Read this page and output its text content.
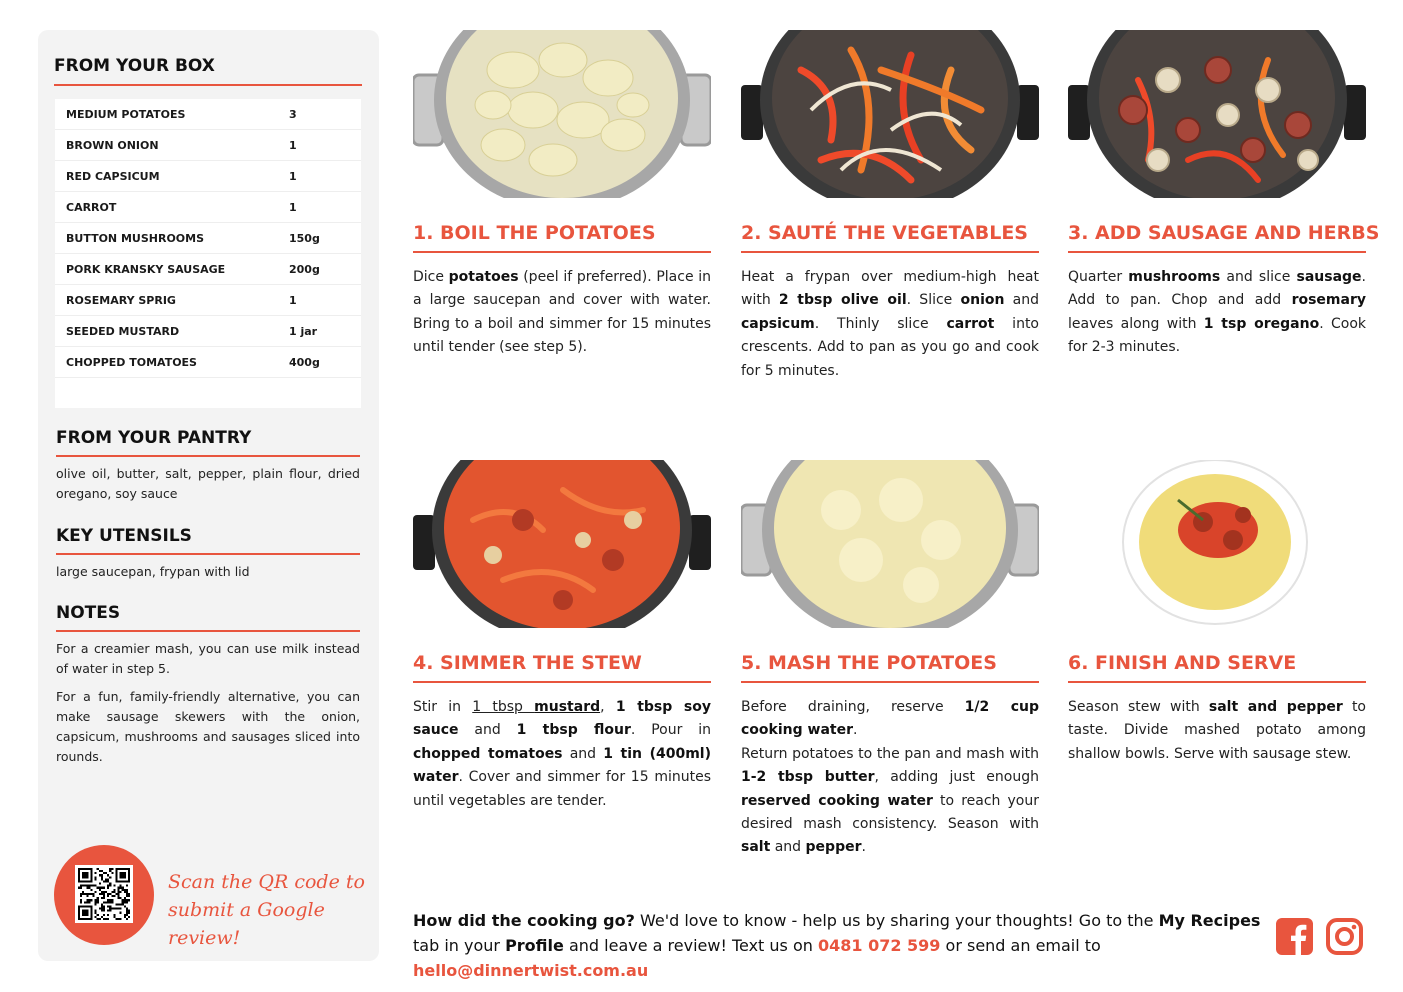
FROM YOUR BOX
MEDIUM POTATOES	3
BROWN ONION	1
RED CAPSICUM	1
CARROT	1
BUTTON MUSHROOMS	150g
PORK KRANSKY SAUSAGE	200g
ROSEMARY SPRIG	1
SEEDED MUSTARD	1 jar
CHOPPED TOMATOES	400g
FROM YOUR PANTRY
olive oil, butter, salt, pepper, plain flour, dried oregano, soy sauce
KEY UTENSILS
large saucepan, frypan with lid
NOTES
For a creamier mash, you can use milk instead of water in step 5.
For a fun, family-friendly alternative, you can make sausage skewers with the onion, capsicum, mushrooms and sausages sliced into rounds.
Scan the QR code to
submit a Google review!
1. BOIL THE POTATOES
Dice potatoes (peel if preferred). Place in a large saucepan and cover with water. Bring to a boil and simmer for 15 minutes until tender (see step 5).
2. SAUTÉ THE VEGETABLES
Heat a frypan over medium-high heat with 2 tbsp olive oil. Slice onion and capsicum. Thinly slice carrot into crescents. Add to pan as you go and cook for 5 minutes.
3. ADD SAUSAGE AND HERBS
Quarter mushrooms and slice sausage. Add to pan. Chop and add rosemary leaves along with 1 tsp oregano. Cook for 2-3 minutes.
4. SIMMER THE STEW
Stir in 1 tbsp mustard, 1 tbsp soy sauce and 1 tbsp flour. Pour in chopped tomatoes and 1 tin (400ml) water. Cover and simmer for 15 minutes until vegetables are tender.
5. MASH THE POTATOES
Before draining, reserve 1/2 cup cooking water.
Return potatoes to the pan and mash with 1-2 tbsp butter, adding just enough reserved cooking water to reach your desired mash consistency. Season with salt and pepper.
6. FINISH AND SERVE
Season stew with salt and pepper to taste. Divide mashed potato among shallow bowls. Serve with sausage stew.
How did the cooking go? We'd love to know - help us by sharing your thoughts! Go to the My Recipes tab in your Profile and leave a review! Text us on 0481 072 599 or send an email to hello@dinnertwist.com.au
